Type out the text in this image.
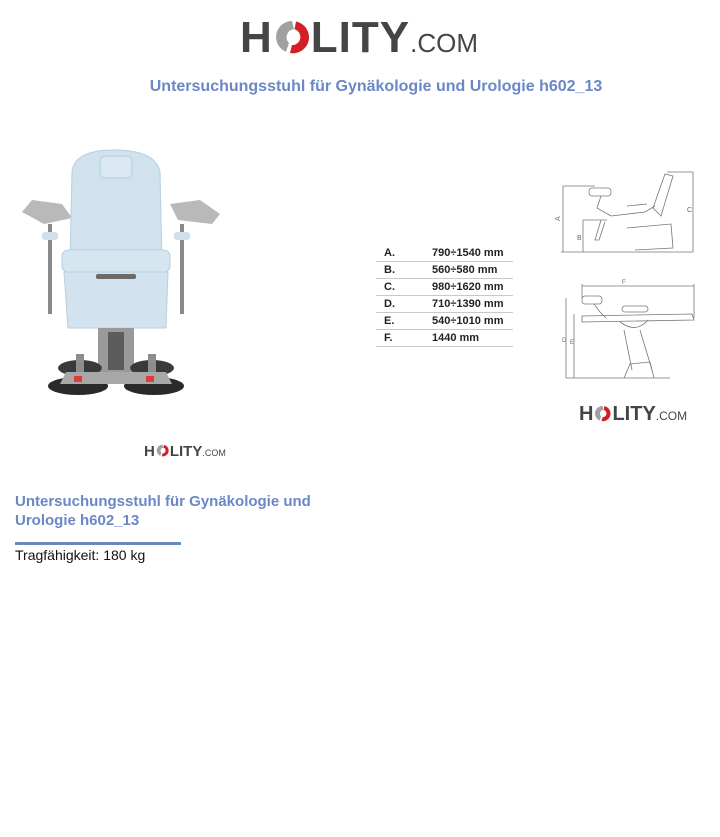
H LITY .COM
Untersuchungsstuhl für Gynäkologie und Urologie h602_13
H LITY .COM
A.	790÷1540 mm
B.	560÷580 mm
C.	980÷1620 mm
D.	710÷1390 mm
E.	540÷1010 mm
F.	1440 mm
A
B
C
F
D E
H LITY .COM
Untersuchungsstuhl für Gynäkologie und Urologie h602_13
Tragfähigkeit: 180 kg
